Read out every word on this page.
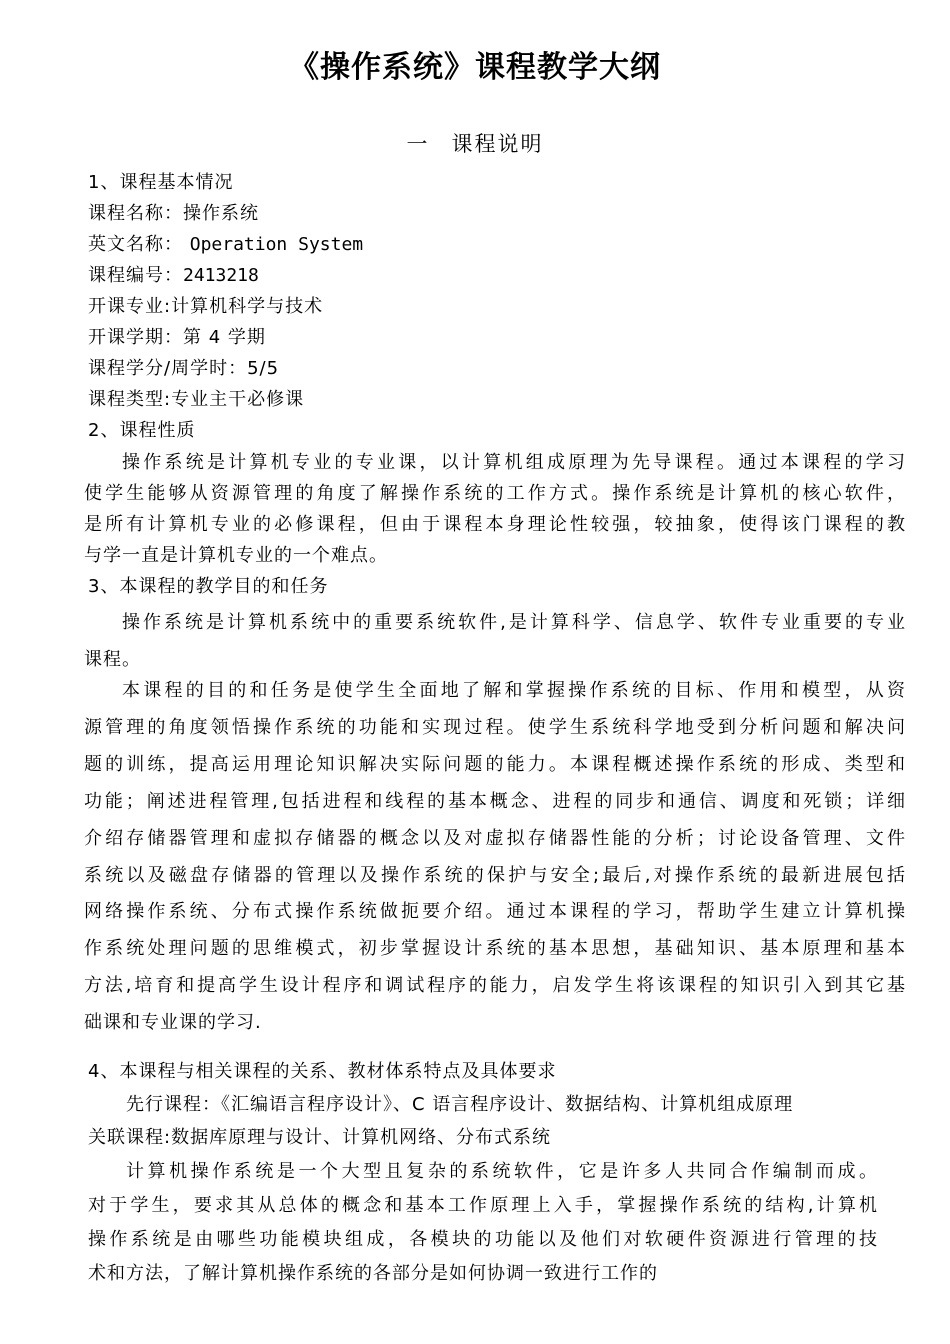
《操作系统》课程教学大纲
一 课程说明
1、课程基本情况
课程名称：操作系统
英文名称： Operation System
课程编号：2413218
开课专业:计算机科学与技术
开课学期：第 4 学期
课程学分/周学时：5/5
课程类型:专业主干必修课
2、课程性质
操作系统是计算机专业的专业课，以计算机组成原理为先导课程。通过本课程的学习
使学生能够从资源管理的角度了解操作系统的工作方式。操作系统是计算机的核心软件，
是所有计算机专业的必修课程，但由于课程本身理论性较强，较抽象，使得该门课程的教
与学一直是计算机专业的一个难点。
3、本课程的教学目的和任务
操作系统是计算机系统中的重要系统软件,是计算科学、信息学、软件专业重要的专业
课程。
本课程的目的和任务是使学生全面地了解和掌握操作系统的目标、作用和模型，从资
源管理的角度领悟操作系统的功能和实现过程。使学生系统科学地受到分析问题和解决问
题的训练，提高运用理论知识解决实际问题的能力。本课程概述操作系统的形成、类型和
功能；阐述进程管理,包括进程和线程的基本概念、进程的同步和通信、调度和死锁；详细
介绍存储器管理和虚拟存储器的概念以及对虚拟存储器性能的分析；讨论设备管理、文件
系统以及磁盘存储器的管理以及操作系统的保护与安全;最后,对操作系统的最新进展包括
网络操作系统、分布式操作系统做扼要介绍。通过本课程的学习，帮助学生建立计算机操
作系统处理问题的思维模式，初步掌握设计系统的基本思想，基础知识、基本原理和基本
方法,培育和提高学生设计程序和调试程序的能力，启发学生将该课程的知识引入到其它基
础课和专业课的学习.
4、本课程与相关课程的关系、教材体系特点及具体要求
先行课程：《汇编语言程序设计》、C 语言程序设计、数据结构、计算机组成原理
关联课程:数据库原理与设计、计算机网络、分布式系统
计算机操作系统是一个大型且复杂的系统软件，它是许多人共同合作编制而成。
对于学生，要求其从总体的概念和基本工作原理上入手，掌握操作系统的结构,计算机
操作系统是由哪些功能模块组成，各模块的功能以及他们对软硬件资源进行管理的技
术和方法，了解计算机操作系统的各部分是如何协调一致进行工作的
